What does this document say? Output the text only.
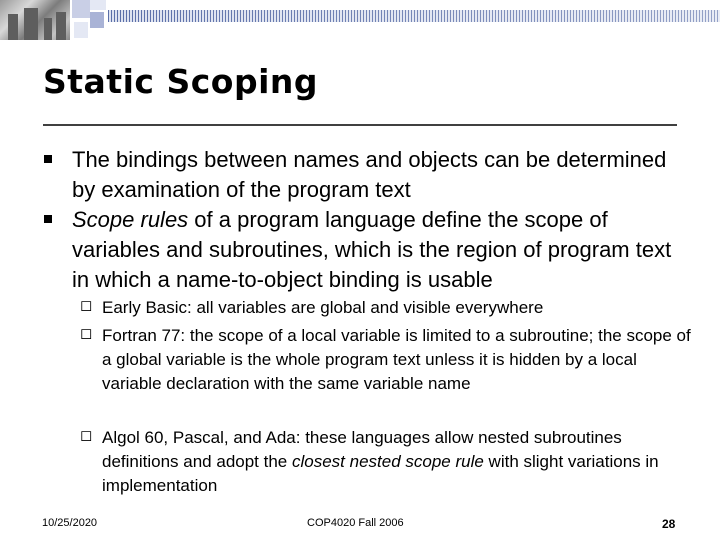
Static Scoping
The bindings between names and objects can be determined by examination of the program text
Scope rules of a program language define the scope of variables and subroutines, which is the region of program text in which a name-to-object binding is usable
◻ Early Basic: all variables are global and visible everywhere
◻ Fortran 77: the scope of a local variable is limited to a subroutine; the scope of a global variable is the whole program text unless it is hidden by a local variable declaration with the same variable name
◻ Algol 60, Pascal, and Ada: these languages allow nested subroutines definitions and adopt the closest nested scope rule with slight variations in implementation
10/25/2020	COP4020 Fall 2006	28
